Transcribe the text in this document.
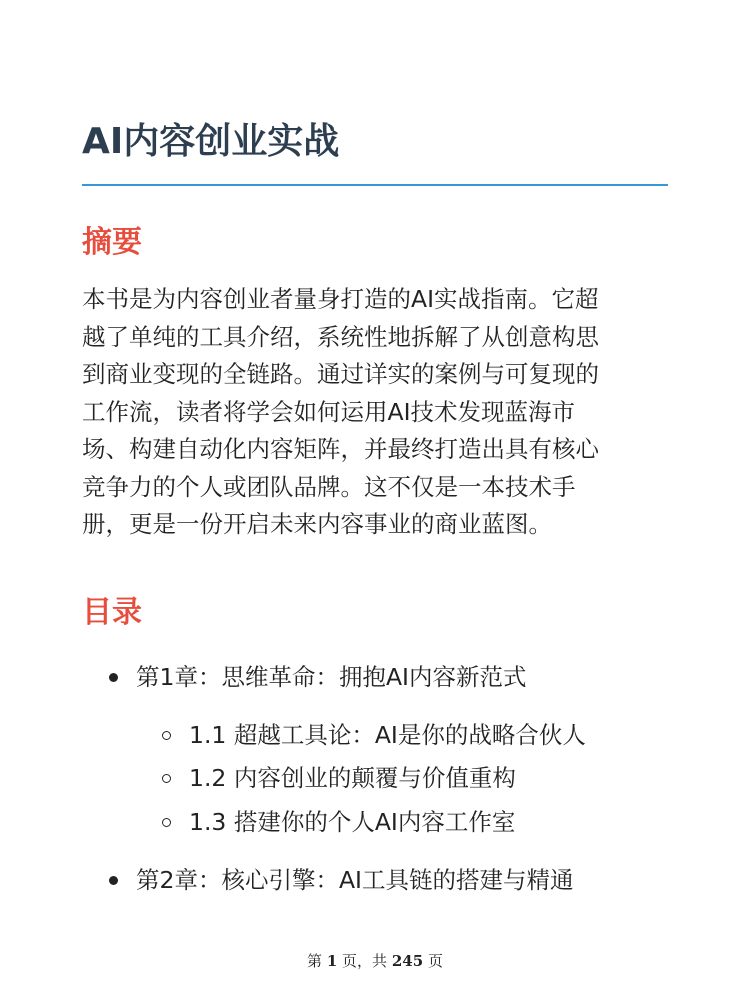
AI内容创业实战
摘要

本书是为内容创业者量身打造的AI实战指南。它超
越了单纯的工具介绍，系统性地拆解了从创意构思
到商业变现的全链路。通过详实的案例与可复现的
工作流，读者将学会如何运用AI技术发现蓝海市
场、构建自动化内容矩阵，并最终打造出具有核心
竞争力的个人或团队品牌。这不仅是一本技术手
册，更是一份开启未来内容事业的商业蓝图。

目录
第1章：思维革命：拥抱AI内容新范式
1.1 超越工具论：AI是你的战略合伙人
1.2 内容创业的颠覆与价值重构
1.3 搭建你的个人AI内容工作室
第2章：核心引擎：AI工具链的搭建与精通
第 1 页，共 245 页
